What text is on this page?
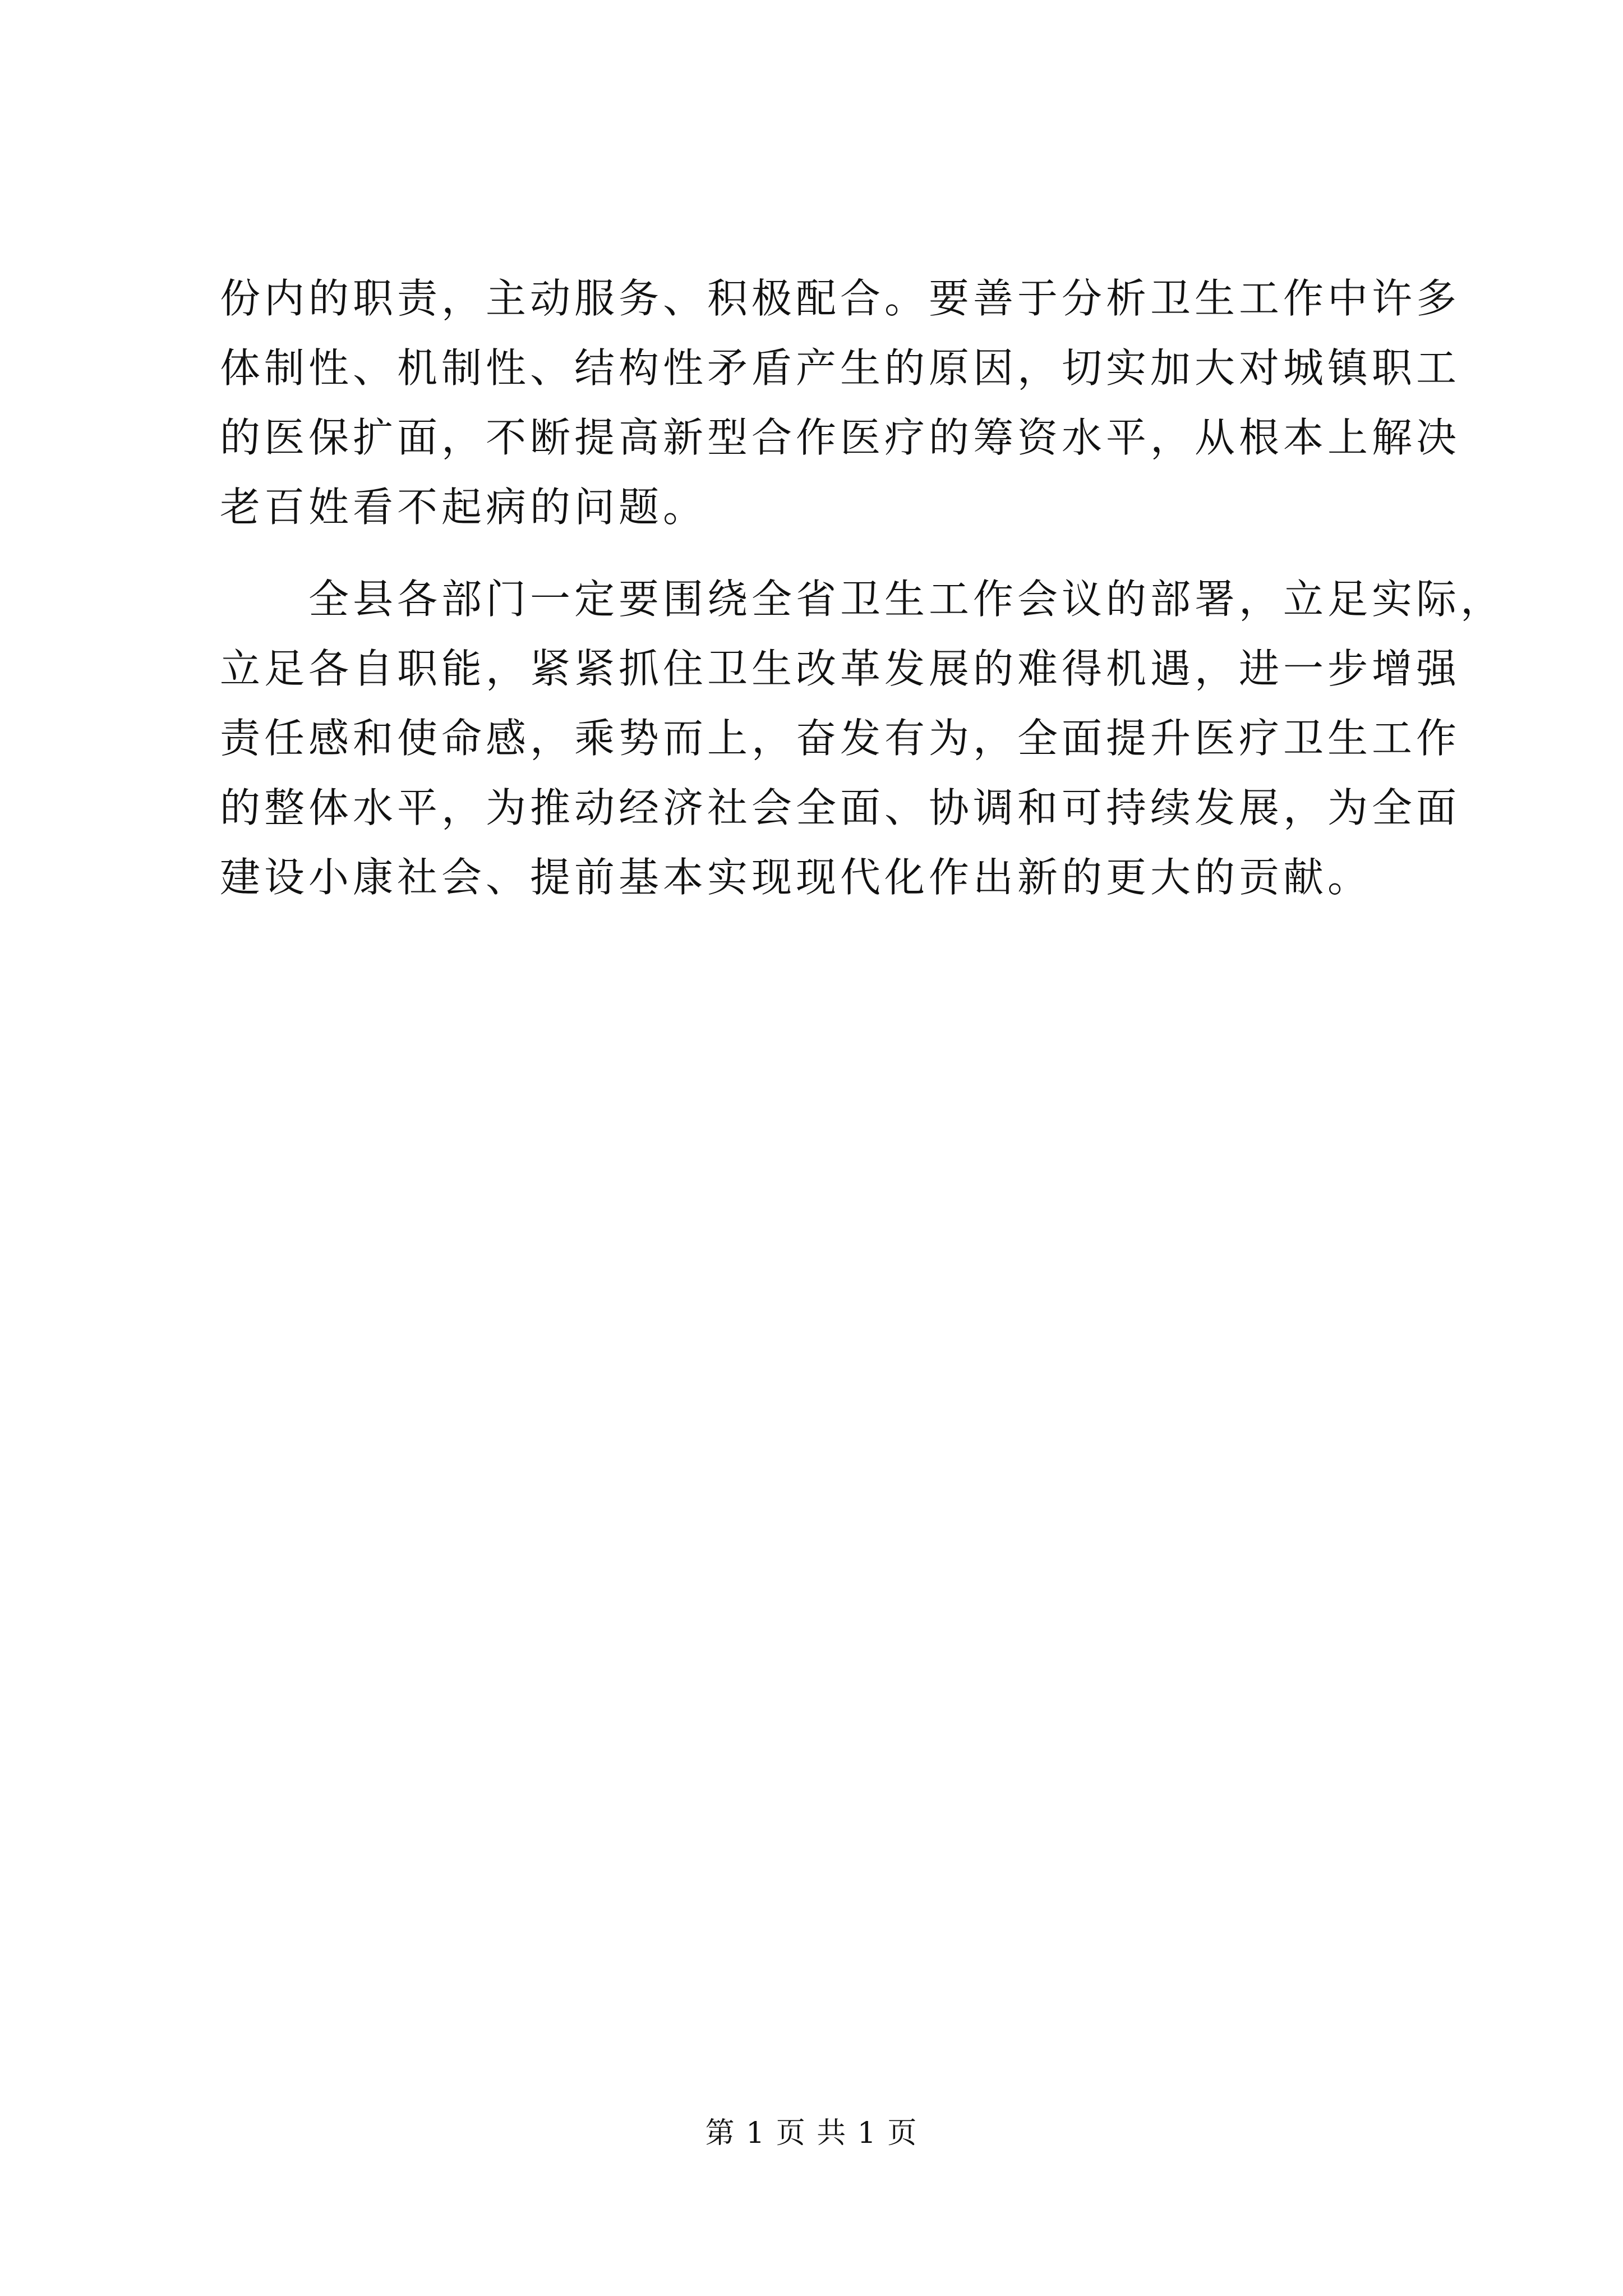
份内的职责，主动服务、积极配合。要善于分析卫生工作中许多
体制性、机制性、结构性矛盾产生的原因，切实加大对城镇职工
的医保扩面，不断提高新型合作医疗的筹资水平，从根本上解决
老百姓看不起病的问题。
全县各部门一定要围绕全省卫生工作会议的部署，立足实际，
立足各自职能，紧紧抓住卫生改革发展的难得机遇，进一步增强
责任感和使命感，乘势而上，奋发有为，全面提升医疗卫生工作
的整体水平，为推动经济社会全面、协调和可持续发展，为全面
建设小康社会、提前基本实现现代化作出新的更大的贡献。
第 1 页 共 1 页
